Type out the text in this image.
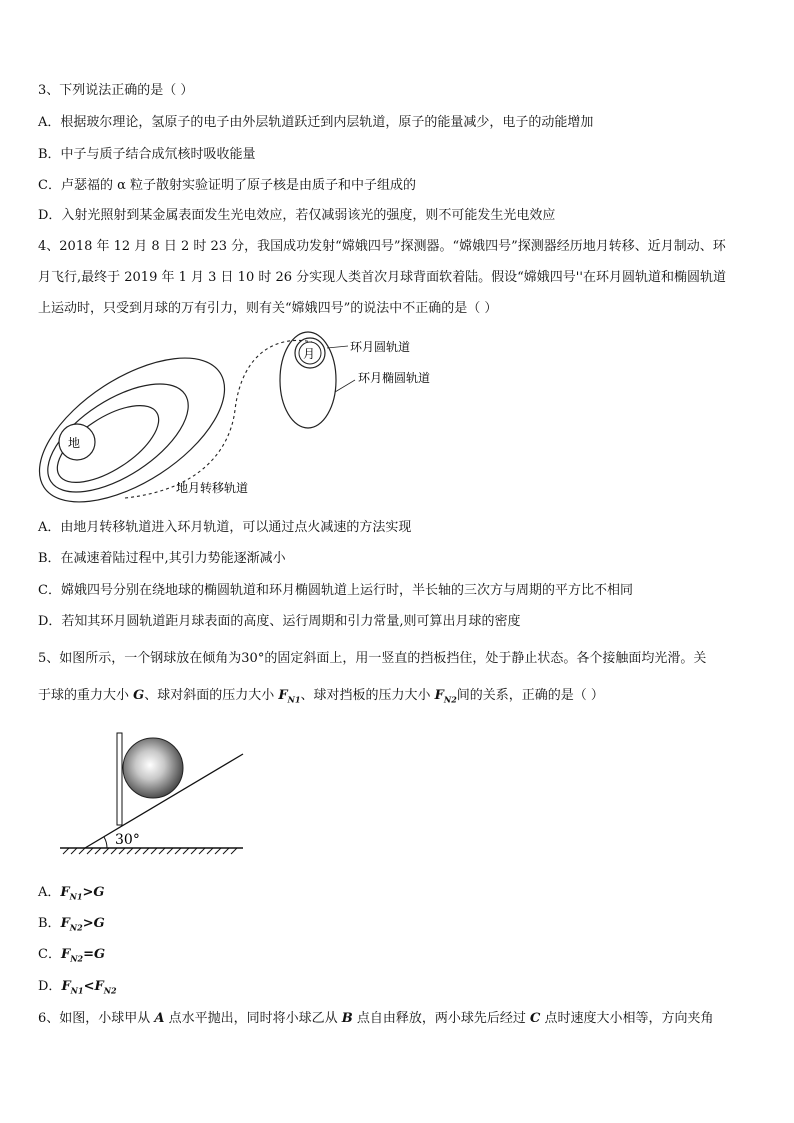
3、下列说法正确的是（ ）
A．根据玻尔理论，氢原子的电子由外层轨道跃迁到内层轨道，原子的能量减少，电子的动能增加
B．中子与质子结合成氘核时吸收能量
C．卢瑟福的 α 粒子散射实验证明了原子核是由质子和中子组成的
D．入射光照射到某金属表面发生光电效应，若仅减弱该光的强度，则不可能发生光电效应
4、2018 年 12 月 8 日 2 时 23 分，我国成功发射“嫦娥四号”探测器。“嫦娥四号”探测器经历地月转移、近月制动、环
月飞行,最终于 2019 年 1 月 3 日 10 时 26 分实现人类首次月球背面软着陆。假设“嫦娥四号''在环月圆轨道和椭圆轨道
上运动时，只受到月球的万有引力，则有关“嫦娥四号”的说法中不正确的是（ ）
地
月	环月圆轨道
环月椭圆轨道
地月转移轨道
A．由地月转移轨道进入环月轨道，可以通过点火减速的方法实现
B．在减速着陆过程中,其引力势能逐渐减小
C．嫦娥四号分别在绕地球的椭圆轨道和环月椭圆轨道上运行时，半长轴的三次方与周期的平方比不相同
D．若知其环月圆轨道距月球表面的高度、运行周期和引力常量,则可算出月球的密度
5、如图所示，一个钢球放在倾角为30°的固定斜面上，用一竖直的挡板挡住，处于静止状态。各个接触面均光滑。关
于球的重力大小 G、球对斜面的压力大小 $F_{N1}$、球对挡板的压力大小 $F_{N2}$间的关系，正确的是（ ）
30°
A．$F_{N1}>G$
B．$F_{N2}>G$
C．$F_{N2}=G$
D．$F_{N1}<F_{N2}$
6、如图，小球甲从 A 点水平抛出，同时将小球乙从 B 点自由释放，两小球先后经过 C 点时速度大小相等，方向夹角
